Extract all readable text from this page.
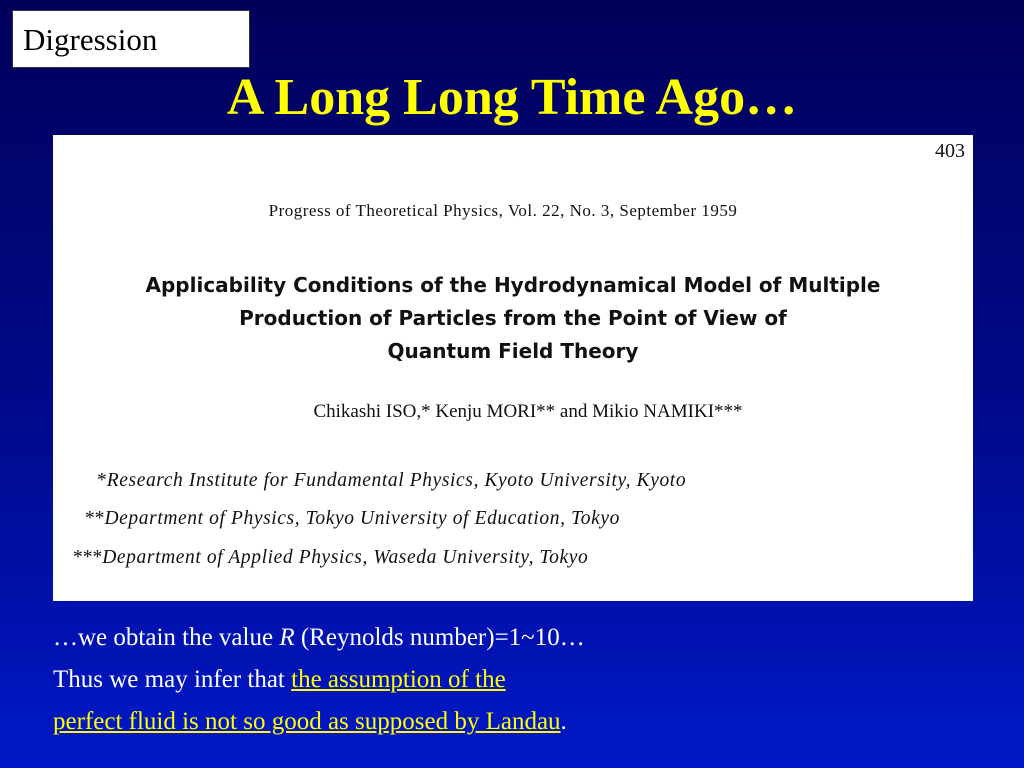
Digression
A Long Long Time Ago…
403
Progress of Theoretical Physics, Vol. 22, No. 3, September 1959
Applicability Conditions of the Hydrodynamical Model of Multiple
Production of Particles from the Point of View of
Quantum Field Theory
Chikashi ISO,* Kenju MORI** and Mikio NAMIKI***
*Research Institute for Fundamental Physics, Kyoto University, Kyoto
**Department of Physics, Tokyo University of Education, Tokyo
***Department of Applied Physics, Waseda University, Tokyo
…we obtain the value R (Reynolds number)=1~10…
Thus we may infer that the assumption of the
perfect fluid is not so good as supposed by Landau.
